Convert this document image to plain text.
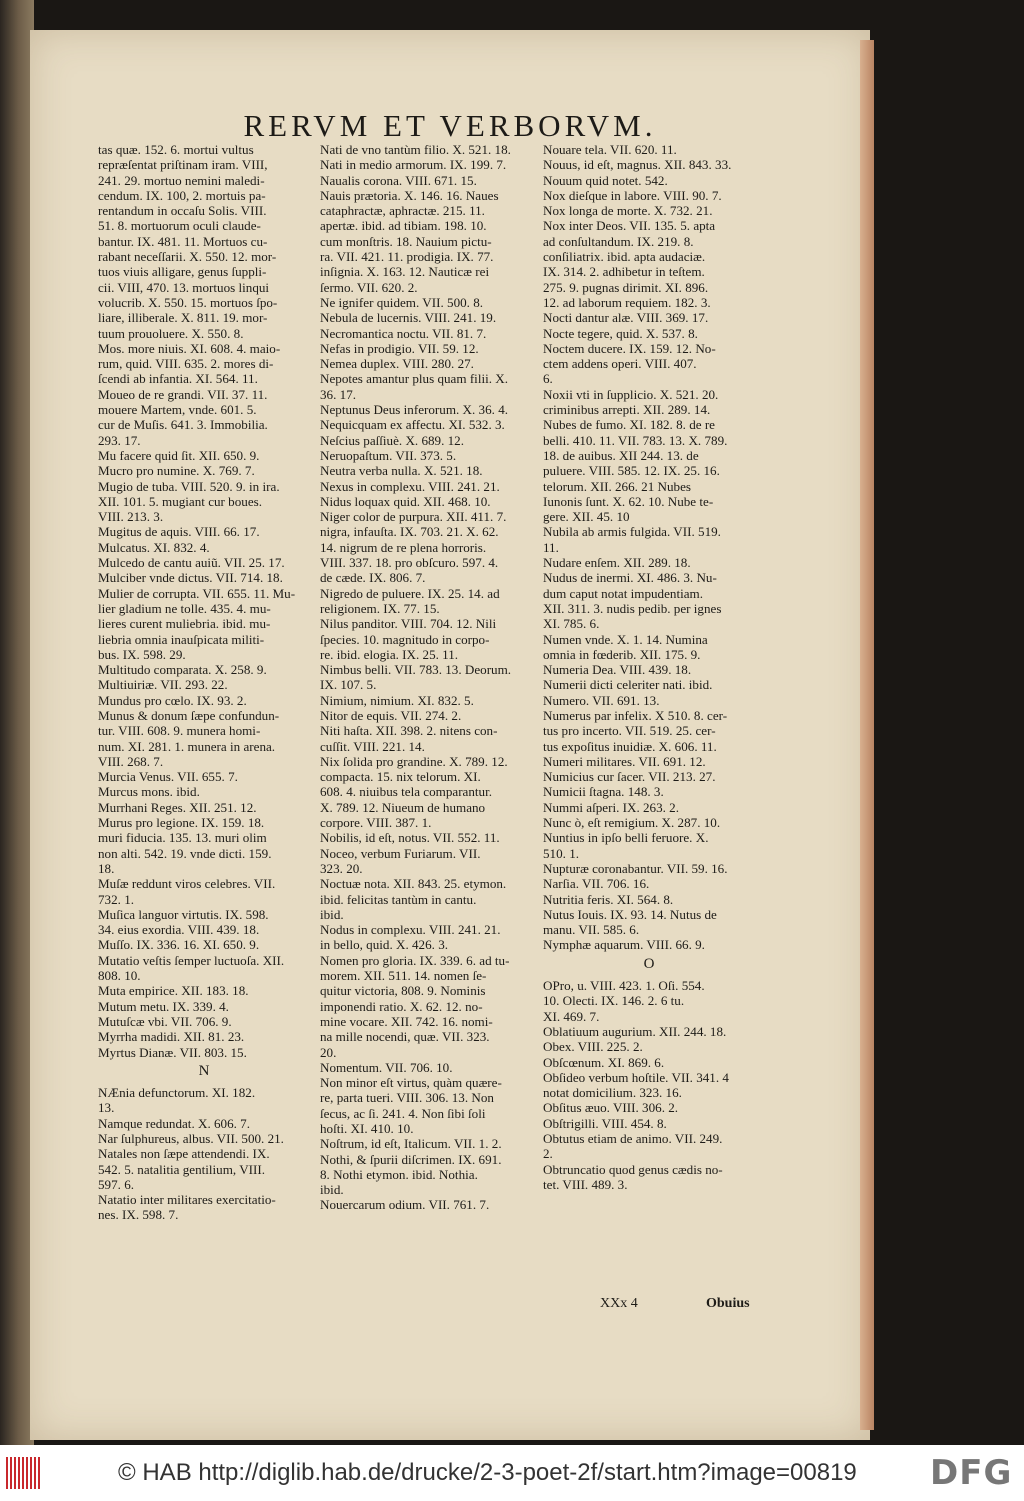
RERVM ET VERBORVM.

tas quæ. 152. 6. mortui vultus

repræſentat priſtinam iram. VIII,

241. 29. mortuo nemini maledi-

cendum. IX. 100, 2. mortuis pa-

rentandum in occaſu Solis. VIII.

51. 8. mortuorum oculi claude-

bantur. IX. 481. 11. Mortuos cu-

rabant neceſſarii. X. 550. 12. mor-

tuos viuis alligare, genus ſuppli-

cii. VIII, 470. 13. mortuos linqui

volucrib. X. 550. 15. mortuos ſpo-

liare, illiberale. X. 811. 19. mor-

tuum prouoluere. X. 550. 8.

Mos. more niuis. XI. 608. 4. maio-

rum, quid. VIII. 635. 2. mores di-

ſcendi ab infantia. XI. 564. 11.

Moueo de re grandi. VII. 37. 11.

mouere Martem, vnde. 601. 5.

cur de Muſis. 641. 3. Immobilia.

293. 17.

Mu facere quid ſit. XII. 650. 9.

Mucro pro numine. X. 769. 7.

Mugio de tuba. VIII. 520. 9. in ira.

XII. 101. 5. mugiant cur boues.

VIII. 213. 3.

Mugitus de aquis. VIII. 66. 17.

Mulcatus. XI. 832. 4.

Mulcedo de cantu auiũ. VII. 25. 17.

Mulciber vnde dictus. VII. 714. 18.

Mulier de corrupta. VII. 655. 11. Mu-

lier gladium ne tolle. 435. 4. mu-

lieres curent muliebria. ibid. mu-

liebria omnia inauſpicata militi-

bus. IX. 598. 29.

Multitudo comparata. X. 258. 9.

Multiuiriæ. VII. 293. 22.

Mundus pro cœlo. IX. 93. 2.

Munus & donum ſæpe confundun-

tur. VIII. 608. 9. munera homi-

num. XI. 281. 1. munera in arena.

VIII. 268. 7.

Murcia Venus. VII. 655. 7.

Murcus mons. ibid.

Murrhani Reges. XII. 251. 12.

Murus pro legione. IX. 159. 18.

muri fiducia. 135. 13. muri olim

non alti. 542. 19. vnde dicti. 159.

18.

Muſæ reddunt viros celebres. VII.

732. 1.

Muſica languor virtutis. IX. 598.

34. eius exordia. VIII. 439. 18.

Muſſo. IX. 336. 16. XI. 650. 9.

Mutatio veſtis ſemper luctuoſa. XII.

808. 10.

Muta empirice. XII. 183. 18.

Mutum metu. IX. 339. 4.

Mutuſcæ vbi. VII. 706. 9.

Myrrha madidi. XII. 81. 23.

Myrtus Dianæ. VII. 803. 15.

N

NÆnia defunctorum. XI. 182.

13.

Namque redundat. X. 606. 7.

Nar ſulphureus, albus. VII. 500. 21.

Natales non ſæpe attendendi. IX.

542. 5. natalitia gentilium, VIII.

597. 6.

Natatio inter militares exercitatio-

nes. IX. 598. 7.

Nati de vno tantùm filio. X. 521. 18.

Nati in medio armorum. IX. 199. 7.

Naualis corona. VIII. 671. 15.

Nauis prætoria. X. 146. 16. Naues

cataphractæ, aphractæ. 215. 11.

apertæ. ibid. ad tibiam. 198. 10.

cum monſtris. 18. Nauium pictu-

ra. VII. 421. 11. prodigia. IX. 77.

inſignia. X. 163. 12. Nauticæ rei

ſermo. VII. 620. 2.

Ne ignifer quidem. VII. 500. 8.

Nebula de lucernis. VIII. 241. 19.

Necromantica noctu. VII. 81. 7.

Nefas in prodigio. VII. 59. 12.

Nemea duplex. VIII. 280. 27.

Nepotes amantur plus quam filii. X.

36. 17.

Neptunus Deus inferorum. X. 36. 4.

Nequicquam ex affectu. XI. 532. 3.

Neſcius paſſiuè. X. 689. 12.

Neruopaſtum. VII. 373. 5.

Neutra verba nulla. X. 521. 18.

Nexus in complexu. VIII. 241. 21.

Nidus loquax quid. XII. 468. 10.

Niger color de purpura. XII. 411. 7.

nigra, infauſta. IX. 703. 21. X. 62.

14. nigrum de re plena horroris.

VIII. 337. 18. pro obſcuro. 597. 4.

de cæde. IX. 806. 7.

Nigredo de puluere. IX. 25. 14. ad

religionem. IX. 77. 15.

Nilus panditor. VIII. 704. 12. Nili

ſpecies. 10. magnitudo in corpo-

re. ibid. elogia. IX. 25. 11.

Nimbus belli. VII. 783. 13. Deorum.

IX. 107. 5.

Nimium, nimium. XI. 832. 5.

Nitor de equis. VII. 274. 2.

Niti haſta. XII. 398. 2. nitens con-

cuſſit. VIII. 221. 14.

Nix ſolida pro grandine. X. 789. 12.

compacta. 15. nix telorum. XI.

608. 4. niuibus tela comparantur.

X. 789. 12. Niueum de humano

corpore. VIII. 387. 1.

Nobilis, id eſt, notus. VII. 552. 11.

Noceo, verbum Furiarum. VII.

323. 20.

Noctuæ nota. XII. 843. 25. etymon.

ibid. felicitas tantùm in cantu.

ibid.

Nodus in complexu. VIII. 241. 21.

in bello, quid. X. 426. 3.

Nomen pro gloria. IX. 339. 6. ad tu-

morem. XII. 511. 14. nomen ſe-

quitur victoria, 808. 9. Nominis

imponendi ratio. X. 62. 12. no-

mine vocare. XII. 742. 16. nomi-

na mille nocendi, quæ. VII. 323.

20.

Nomentum. VII. 706. 10.

Non minor eſt virtus, quàm quære-

re, parta tueri. VIII. 306. 13. Non

ſecus, ac ſi. 241. 4. Non ſibi ſoli

hoſti. XI. 410. 10.

Noſtrum, id eſt, Italicum. VII. 1. 2.

Nothi, & ſpurii diſcrimen. IX. 691.

8. Nothi etymon. ibid. Nothia.

ibid.

Nouercarum odium. VII. 761. 7.

Nouare tela. VII. 620. 11.

Nouus, id eſt, magnus. XII. 843. 33.

Nouum quid notet. 542.

Nox dieſque in labore. VIII. 90. 7.

Nox longa de morte. X. 732. 21.

Nox inter Deos. VII. 135. 5. apta

ad conſultandum. IX. 219. 8.

conſiliatrix. ibid. apta audaciæ.

IX. 314. 2. adhibetur in teſtem.

275. 9. pugnas dirimit. XI. 896.

12. ad laborum requiem. 182. 3.

Nocti dantur alæ. VIII. 369. 17.

Nocte tegere, quid. X. 537. 8.

Noctem ducere. IX. 159. 12. No-

ctem addens operi. VIII. 407.

6.

Noxii vti in ſupplicio. X. 521. 20.

criminibus arrepti. XII. 289. 14.

Nubes de fumo. XI. 182. 8. de re

belli. 410. 11. VII. 783. 13. X. 789.

18. de auibus. XII 244. 13. de

puluere. VIII. 585. 12. IX. 25. 16.

telorum. XII. 266. 21 Nubes

Iunonis ſunt. X. 62. 10. Nube te-

gere. XII. 45. 10

Nubila ab armis fulgida. VII. 519.

11.

Nudare enſem. XII. 289. 18.

Nudus de inermi. XI. 486. 3. Nu-

dum caput notat impudentiam.

XII. 311. 3. nudis pedib. per ignes

XI. 785. 6.

Numen vnde. X. 1. 14. Numina

omnia in fœderib. XII. 175. 9.

Numeria Dea. VIII. 439. 18.

Numerii dicti celeriter nati. ibid.

Numero. VII. 691. 13.

Numerus par infelix. X 510. 8. cer-

tus pro incerto. VII. 519. 25. cer-

tus expoſitus inuidiæ. X. 606. 11.

Numeri militares. VII. 691. 12.

Numicius cur ſacer. VII. 213. 27.

Numicii ſtagna. 148. 3.

Nummi aſperi. IX. 263. 2.

Nunc ò, eſt remigium. X. 287. 10.

Nuntius in ipſo belli feruore. X.

510. 1.

Nupturæ coronabantur. VII. 59. 16.

Narſia. VII. 706. 16.

Nutritia feris. XI. 564. 8.

Nutus Iouis. IX. 93. 14. Nutus de

manu. VII. 585. 6.

Nymphæ aquarum. VIII. 66. 9.

O

OPro, u. VIII. 423. 1. Oſi. 554.

10. Olecti. IX. 146. 2. 6 tu.

XI. 469. 7.

Oblatiuum augurium. XII. 244. 18.

Obex. VIII. 225. 2.

Obſcœnum. XI. 869. 6.

Obſideo verbum hoſtile. VII. 341. 4

notat domicilium. 323. 16.

Obſitus æuo. VIII. 306. 2.

Obſtrigilli. VIII. 454. 8.

Obtutus etiam de animo. VII. 249.

2.

Obtruncatio quod genus cædis no-

tet. VIII. 489. 3.

XXx 4	Obuius
© HAB http://diglib.hab.de/drucke/2-3-poet-2f/start.htm?image=00819 DFG
